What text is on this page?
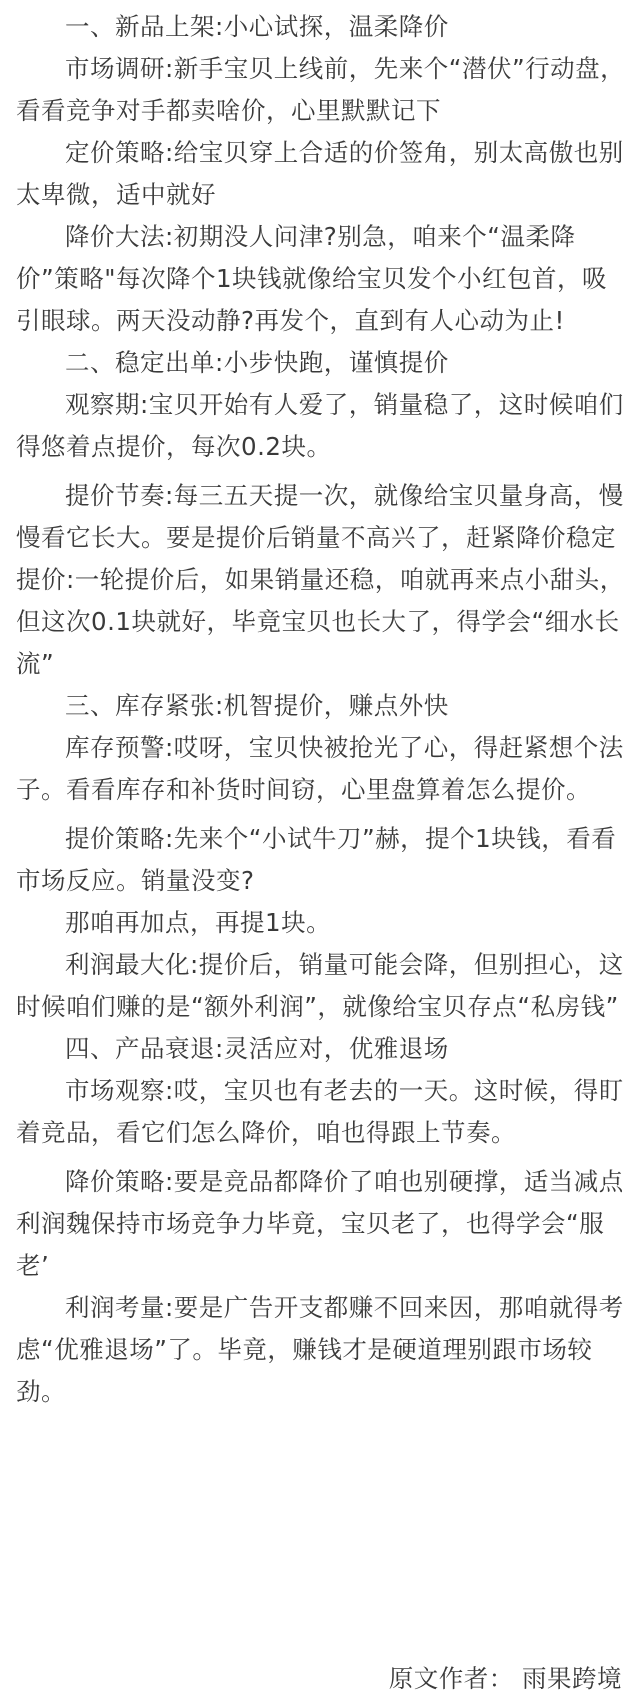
一、新品上架:小心试探，温柔降价

市场调研:新手宝贝上线前，先来个“潜伏”行动盘，看看竞争对手都卖啥价，心里默默记下

定价策略:给宝贝穿上合适的价签角，别太高傲也别太卑微，适中就好

降价大法:初期没人问津?别急，咱来个“温柔降价”策略"每次降个1块钱就像给宝贝发个小红包首，吸引眼球。两天没动静?再发个，直到有人心动为止!

二、稳定出单:小步快跑，谨慎提价

观察期:宝贝开始有人爱了，销量稳了，这时候咱们得悠着点提价，每次0.2块。

提价节奏:每三五天提一次，就像给宝贝量身高，慢慢看它长大。要是提价后销量不高兴了，赶紧降价稳定提价:一轮提价后，如果销量还稳，咱就再来点小甜头，但这次0.1块就好，毕竟宝贝也长大了，得学会“细水长流”

三、库存紧张:机智提价，赚点外快

库存预警:哎呀，宝贝快被抢光了心，得赶紧想个法子。看看库存和补货时间窃，心里盘算着怎么提价。

提价策略:先来个“小试牛刀”赫，提个1块钱，看看市场反应。销量没变?

那咱再加点，再提1块。

利润最大化:提价后，销量可能会降，但别担心，这时候咱们赚的是“额外利润”，就像给宝贝存点“私房钱”

四、产品衰退:灵活应对，优雅退场

市场观察:哎，宝贝也有老去的一天。这时候，得盯着竞品，看它们怎么降价，咱也得跟上节奏。

降价策略:要是竞品都降价了咱也别硬撑，适当减点利润魏保持市场竞争力毕竟，宝贝老了，也得学会“服老’

利润考量:要是广告开支都赚不回来因，那咱就得考虑“优雅退场”了。毕竟，赚钱才是硬道理别跟市场较劲。

原文作者： 雨果跨境
